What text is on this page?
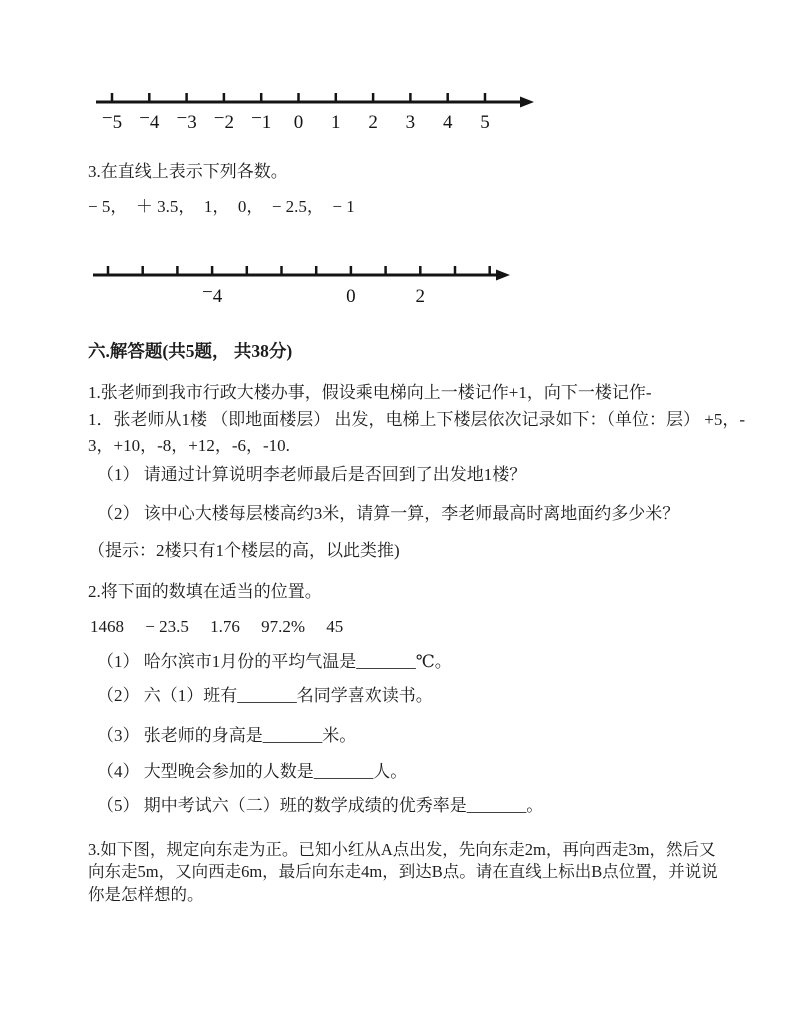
−5 −4 −3 −2 −1 0 1 2 3 4 5
3.在直线上表示下列各数。
− 5，  ＋ 3.5，  1，  0，  − 2.5，  − 1
−4	0	2
六.解答题(共5题， 共38分)
1.张老师到我市行政大楼办事，假设乘电梯向上一楼记作+1，向下一楼记作-
1．张老师从1楼 （即地面楼层） 出发，电梯上下楼层依次记录如下：（单位：层） +5，-
3，+10，-8，+12，-6，-10.
（1） 请通过计算说明李老师最后是否回到了出发地1楼？
（2） 该中心大楼每层楼高约3米，请算一算，李老师最高时离地面约多少米？
（提示：2楼只有1个楼层的高，以此类推)
2.将下面的数填在适当的位置。
1468　 − 23.5　 1.76　 97.2%　 45
（1） 哈尔滨市1月份的平均气温是_______℃。
（2） 六（1）班有_______名同学喜欢读书。
（3） 张老师的身高是_______米。
（4） 大型晚会参加的人数是_______人。
（5） 期中考试六（二）班的数学成绩的优秀率是_______。
3.如下图，规定向东走为正。已知小红从A点出发，先向东走2m，再向西走3m，然后又
向东走5m，又向西走6m，最后向东走4m，到达B点。请在直线上标出B点位置，并说说
你是怎样想的。
